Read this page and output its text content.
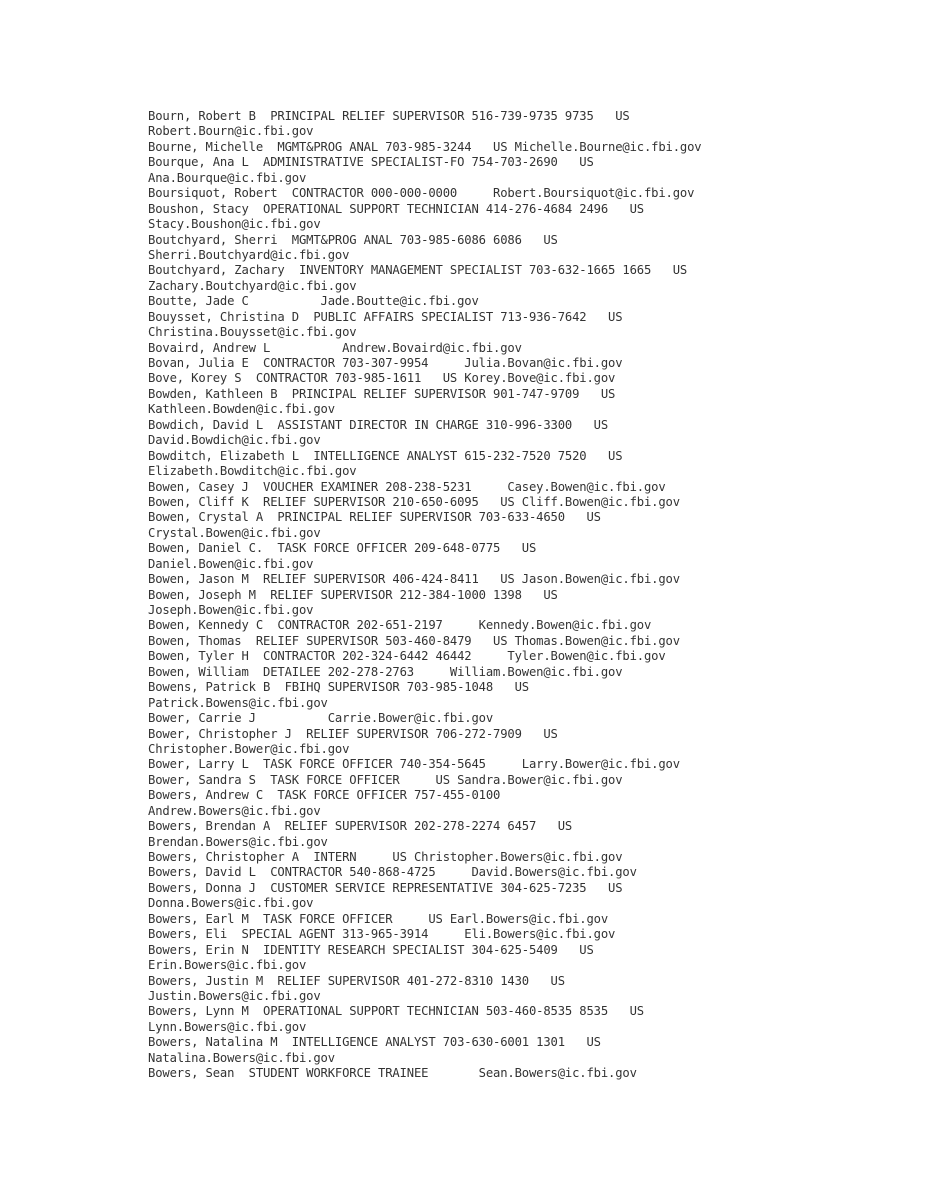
Bourn, Robert B  PRINCIPAL RELIEF SUPERVISOR 516-739-9735 9735   US
Robert.Bourn@ic.fbi.gov
Bourne, Michelle  MGMT&PROG ANAL 703-985-3244   US Michelle.Bourne@ic.fbi.gov
Bourque, Ana L  ADMINISTRATIVE SPECIALIST-FO 754-703-2690   US
Ana.Bourque@ic.fbi.gov
Boursiquot, Robert  CONTRACTOR 000-000-0000     Robert.Boursiquot@ic.fbi.gov
Boushon, Stacy  OPERATIONAL SUPPORT TECHNICIAN 414-276-4684 2496   US
Stacy.Boushon@ic.fbi.gov
Boutchyard, Sherri  MGMT&PROG ANAL 703-985-6086 6086   US
Sherri.Boutchyard@ic.fbi.gov
Boutchyard, Zachary  INVENTORY MANAGEMENT SPECIALIST 703-632-1665 1665   US
Zachary.Boutchyard@ic.fbi.gov
Boutte, Jade C          Jade.Boutte@ic.fbi.gov
Bouysset, Christina D  PUBLIC AFFAIRS SPECIALIST 713-936-7642   US
Christina.Bouysset@ic.fbi.gov
Bovaird, Andrew L          Andrew.Bovaird@ic.fbi.gov
Bovan, Julia E  CONTRACTOR 703-307-9954     Julia.Bovan@ic.fbi.gov
Bove, Korey S  CONTRACTOR 703-985-1611   US Korey.Bove@ic.fbi.gov
Bowden, Kathleen B  PRINCIPAL RELIEF SUPERVISOR 901-747-9709   US
Kathleen.Bowden@ic.fbi.gov
Bowdich, David L  ASSISTANT DIRECTOR IN CHARGE 310-996-3300   US
David.Bowdich@ic.fbi.gov
Bowditch, Elizabeth L  INTELLIGENCE ANALYST 615-232-7520 7520   US
Elizabeth.Bowditch@ic.fbi.gov
Bowen, Casey J  VOUCHER EXAMINER 208-238-5231     Casey.Bowen@ic.fbi.gov
Bowen, Cliff K  RELIEF SUPERVISOR 210-650-6095   US Cliff.Bowen@ic.fbi.gov
Bowen, Crystal A  PRINCIPAL RELIEF SUPERVISOR 703-633-4650   US
Crystal.Bowen@ic.fbi.gov
Bowen, Daniel C.  TASK FORCE OFFICER 209-648-0775   US
Daniel.Bowen@ic.fbi.gov
Bowen, Jason M  RELIEF SUPERVISOR 406-424-8411   US Jason.Bowen@ic.fbi.gov
Bowen, Joseph M  RELIEF SUPERVISOR 212-384-1000 1398   US
Joseph.Bowen@ic.fbi.gov
Bowen, Kennedy C  CONTRACTOR 202-651-2197     Kennedy.Bowen@ic.fbi.gov
Bowen, Thomas  RELIEF SUPERVISOR 503-460-8479   US Thomas.Bowen@ic.fbi.gov
Bowen, Tyler H  CONTRACTOR 202-324-6442 46442     Tyler.Bowen@ic.fbi.gov
Bowen, William  DETAILEE 202-278-2763     William.Bowen@ic.fbi.gov
Bowens, Patrick B  FBIHQ SUPERVISOR 703-985-1048   US
Patrick.Bowens@ic.fbi.gov
Bower, Carrie J          Carrie.Bower@ic.fbi.gov
Bower, Christopher J  RELIEF SUPERVISOR 706-272-7909   US
Christopher.Bower@ic.fbi.gov
Bower, Larry L  TASK FORCE OFFICER 740-354-5645     Larry.Bower@ic.fbi.gov
Bower, Sandra S  TASK FORCE OFFICER     US Sandra.Bower@ic.fbi.gov
Bowers, Andrew C  TASK FORCE OFFICER 757-455-0100
Andrew.Bowers@ic.fbi.gov
Bowers, Brendan A  RELIEF SUPERVISOR 202-278-2274 6457   US
Brendan.Bowers@ic.fbi.gov
Bowers, Christopher A  INTERN     US Christopher.Bowers@ic.fbi.gov
Bowers, David L  CONTRACTOR 540-868-4725     David.Bowers@ic.fbi.gov
Bowers, Donna J  CUSTOMER SERVICE REPRESENTATIVE 304-625-7235   US
Donna.Bowers@ic.fbi.gov
Bowers, Earl M  TASK FORCE OFFICER     US Earl.Bowers@ic.fbi.gov
Bowers, Eli  SPECIAL AGENT 313-965-3914     Eli.Bowers@ic.fbi.gov
Bowers, Erin N  IDENTITY RESEARCH SPECIALIST 304-625-5409   US
Erin.Bowers@ic.fbi.gov
Bowers, Justin M  RELIEF SUPERVISOR 401-272-8310 1430   US
Justin.Bowers@ic.fbi.gov
Bowers, Lynn M  OPERATIONAL SUPPORT TECHNICIAN 503-460-8535 8535   US
Lynn.Bowers@ic.fbi.gov
Bowers, Natalina M  INTELLIGENCE ANALYST 703-630-6001 1301   US
Natalina.Bowers@ic.fbi.gov
Bowers, Sean  STUDENT WORKFORCE TRAINEE       Sean.Bowers@ic.fbi.gov
